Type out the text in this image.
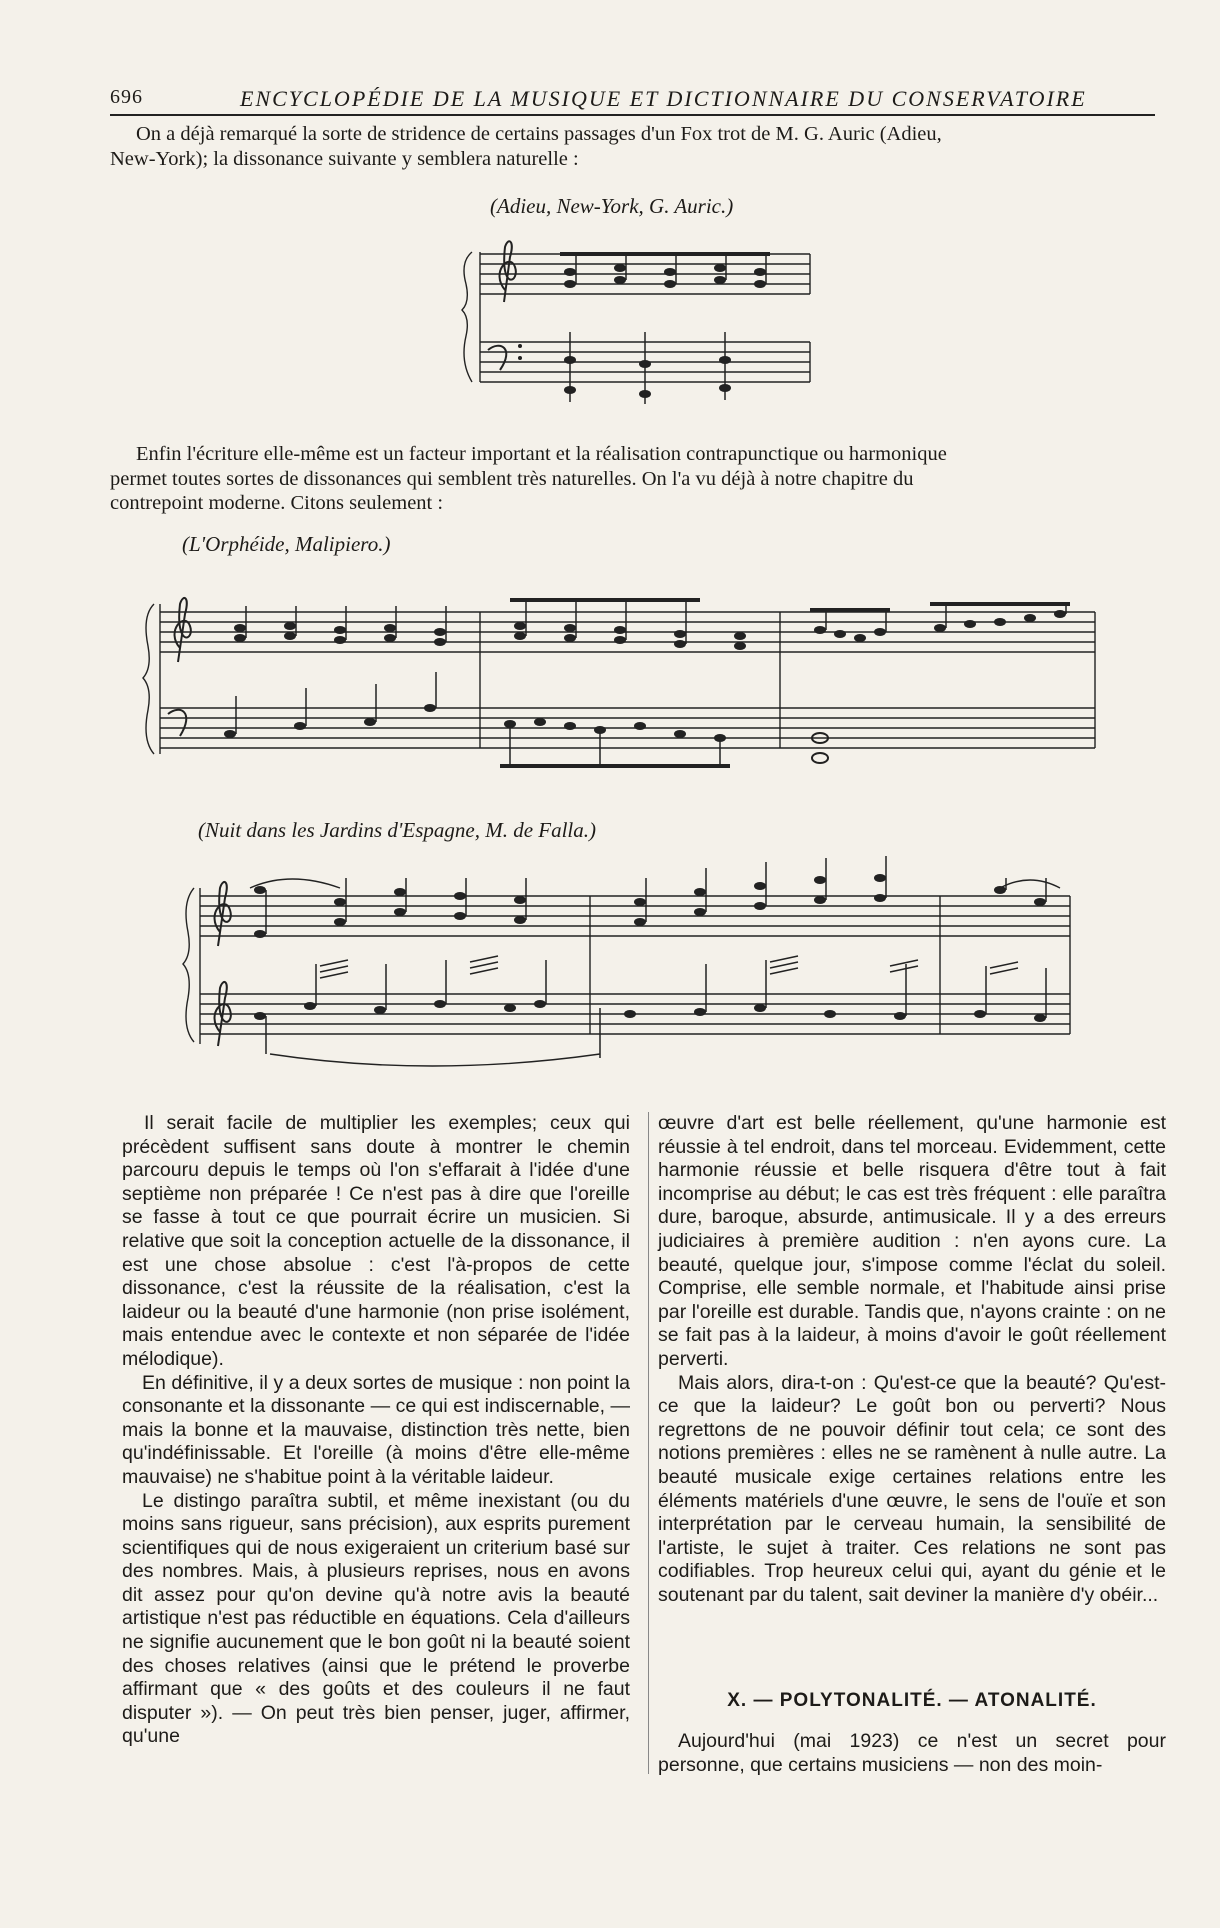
696	ENCYCLOPÉDIE DE LA MUSIQUE ET DICTIONNAIRE DU CONSERVATOIRE
On a déjà remarqué la sorte de stridence de certains passages d'un Fox trot de M. G. Auric (Adieu,
New-York); la dissonance suivante y semblera naturelle :
(Adieu, New-York, G. Auric.)
Enfin l'écriture elle-même est un facteur important et la réalisation contrapunctique ou harmonique
permet toutes sortes de dissonances qui semblent très naturelles. On l'a vu déjà à notre chapitre du
contrepoint moderne. Citons seulement :
(L'Orphéide, Malipiero.)
(Nuit dans les Jardins d'Espagne, M. de Falla.)

Il serait facile de multiplier les exemples; ceux qui précèdent suffisent sans doute à montrer le chemin parcouru depuis le temps où l'on s'effarait à l'idée d'une septième non préparée ! Ce n'est pas à dire que l'oreille se fasse à tout ce que pourrait écrire un musicien. Si relative que soit la conception actuelle de la dissonance, il est une chose absolue : c'est l'à-propos de cette dissonance, c'est la réussite de la réalisation, c'est la laideur ou la beauté d'une harmonie (non prise isolément, mais entendue avec le contexte et non séparée de l'idée mélodique).

En définitive, il y a deux sortes de musique : non point la consonante et la dissonante — ce qui est indiscernable, — mais la bonne et la mauvaise, distinction très nette, bien qu'indéfinissable. Et l'oreille (à moins d'être elle-même mauvaise) ne s'habitue point à la véritable laideur.

Le distingo paraîtra subtil, et même inexistant (ou du moins sans rigueur, sans précision), aux esprits purement scientifiques qui de nous exigeraient un criterium basé sur des nombres. Mais, à plusieurs reprises, nous en avons dit assez pour qu'on devine qu'à notre avis la beauté artistique n'est pas réductible en équations. Cela d'ailleurs ne signifie aucunement que le bon goût ni la beauté soient des choses relatives (ainsi que le prétend le proverbe affirmant que « des goûts et des couleurs il ne faut disputer »). — On peut très bien penser, juger, affirmer, qu'une

œuvre d'art est belle réellement, qu'une harmonie est réussie à tel endroit, dans tel morceau. Evidemment, cette harmonie réussie et belle risquera d'être tout à fait incomprise au début; le cas est très fréquent : elle paraîtra dure, baroque, absurde, antimusicale. Il y a des erreurs judiciaires à première audition : n'en ayons cure. La beauté, quelque jour, s'impose comme l'éclat du soleil. Comprise, elle semble normale, et l'habitude ainsi prise par l'oreille est durable. Tandis que, n'ayons crainte : on ne se fait pas à la laideur, à moins d'avoir le goût réellement perverti.

Mais alors, dira-t-on : Qu'est-ce que la beauté? Qu'est-ce que la laideur? Le goût bon ou perverti? Nous regrettons de ne pouvoir définir tout cela; ce sont des notions premières : elles ne se ramènent à nulle autre. La beauté musicale exige certaines relations entre les éléments matériels d'une œuvre, le sens de l'ouïe et son interprétation par le cerveau humain, la sensibilité de l'artiste, le sujet à traiter. Ces relations ne sont pas codifiables. Trop heureux celui qui, ayant du génie et le soutenant par du talent, sait deviner la manière d'y obéir...

X. — POLYTONALITÉ. — ATONALITÉ.

Aujourd'hui (mai 1923) ce n'est un secret pour personne, que certains musiciens — non des moin-
